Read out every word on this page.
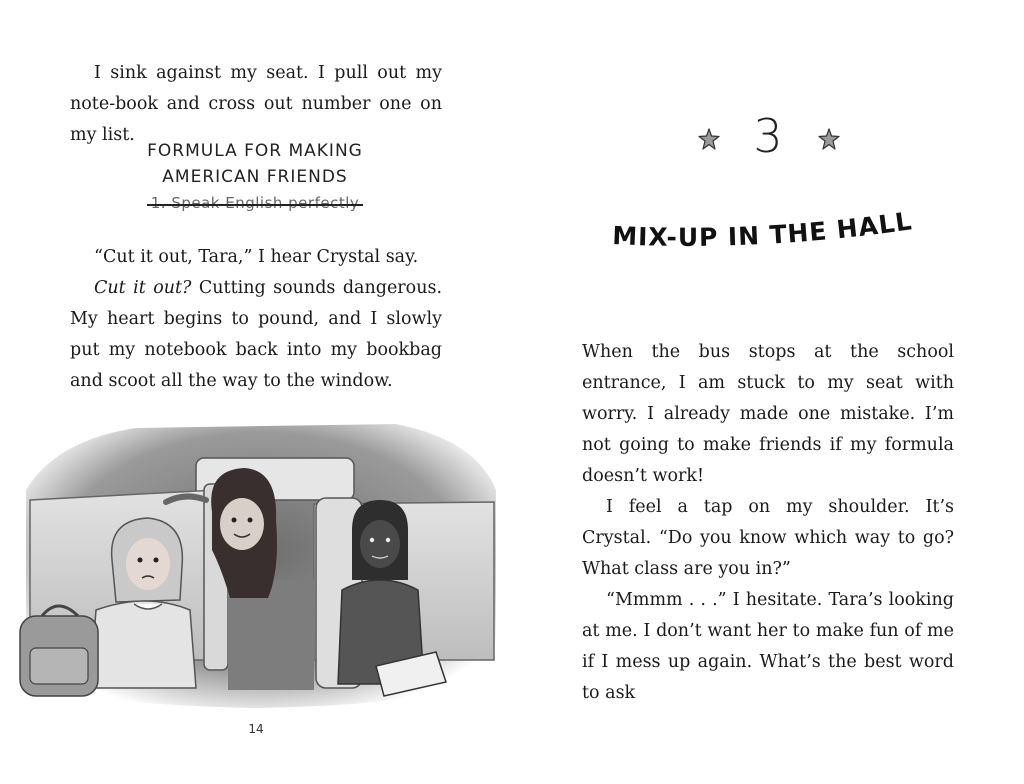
I sink against my seat. I pull out my note-book and cross out number one on my list.

FORMULA FOR MAKING
AMERICAN FRIENDS
1. Speak English perfectly

“Cut it out, Tara,” I hear Crystal say.

Cut it out? Cutting sounds dangerous. My heart begins to pound, and I slowly put my notebook back into my bookbag and scoot all the way to the window.

14
3
MIX-UP IN THE HALL

When the bus stops at the school entrance, I am stuck to my seat with worry. I already made one mistake. I’m not going to make friends if my formula doesn’t work!

I feel a tap on my shoulder. It’s Crystal. “Do you know which way to go? What class are you in?”

“Mmmm . . .” I hesitate. Tara’s looking at me. I don’t want her to make fun of me if I mess up again. What’s the best word to ask
